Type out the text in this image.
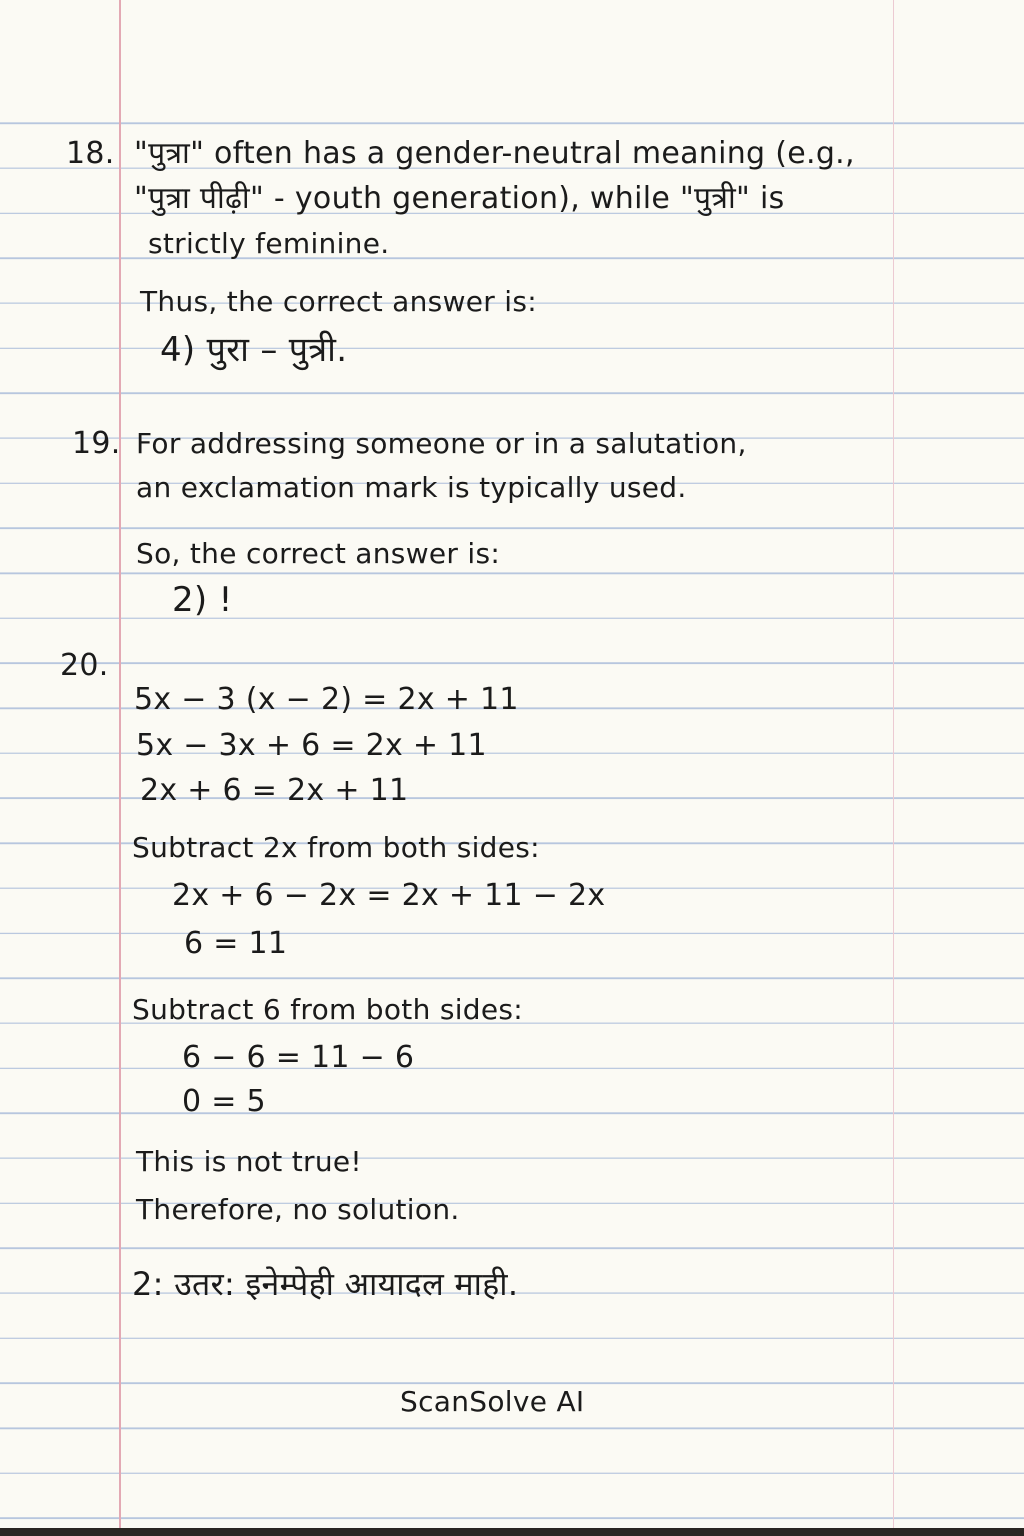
18. "पुत्रा" often has a gender-neutral meaning (e.g.,

"पुत्रा पीढ़ी" - youth generation), while "पुत्री" is

strictly feminine.

Thus, the correct answer is:

4) पुरा – पुत्री.

19. For addressing someone or in a salutation,

an exclamation mark is typically used.

So, the correct answer is:

2) !

20.

5x − 3 (x − 2) = 2x + 11

5x − 3x + 6 = 2x + 11

2x + 6 = 2x + 11

Subtract 2x from both sides:

2x + 6 − 2x = 2x + 11 − 2x

6 = 11

Subtract 6 from both sides:

6 − 6 = 11 − 6

0 = 5

This is not true!

Therefore, no solution.

2: उतर: इनेम्पेही आयादल माही.

ScanSolve AI
